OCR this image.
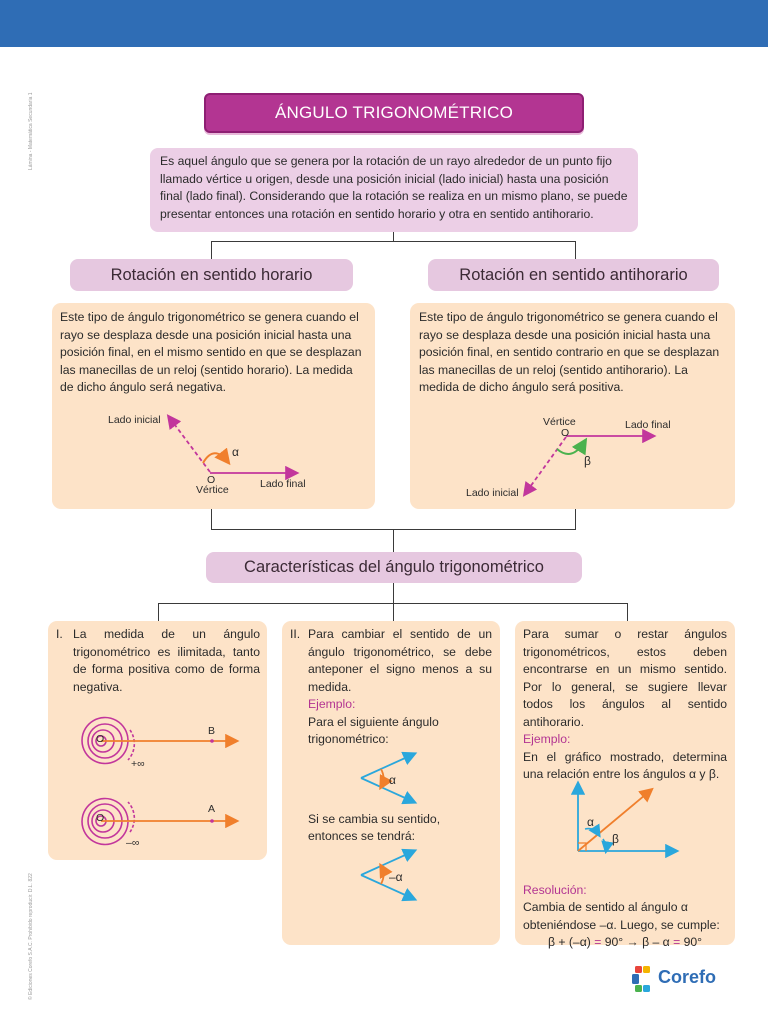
Lámina - Matemática Secundaria 1
© Ediciones Corefo S.A.C. Prohibido reproducir. D.L. 822
ÁNGULO TRIGONOMÉTRICO
Es aquel ángulo que se genera por la rotación de un rayo alrededor de un punto fijo llamado vértice u origen, desde una posición inicial (lado inicial) hasta una posición final (lado final). Considerando que la rotación se realiza en un mismo plano, se puede presentar entonces una rotación en sentido horario y otra en sentido antihorario.
Rotación en sentido horario	Rotación en sentido antihorario

Este tipo de ángulo trigonométrico se genera cuando el rayo se desplaza desde una posición inicial hasta una posición final, en el mismo sentido en que se desplazan las manecillas de un reloj (sentido horario). La medida de dicho ángulo será negativa.

Lado inicial
α
O
Vértice	Lado final

Este tipo de ángulo trigonométrico se genera cuando el rayo se desplaza desde una posición inicial hasta una posición final, en sentido contrario en que se desplazan las manecillas de un reloj (sentido antihorario). La medida de dicho ángulo será positiva.

Vértice
O
Lado final
β
Lado inicial
Características del ángulo trigonométrico
I. La medida de un ángulo trigonométrico es ilimitada, tanto de forma positiva como de forma negativa.

B
O
+∞
A
O
–∞
II. Para cambiar el sentido de un ángulo trigonométrico, se debe anteponer el signo menos a su medida.

Ejemplo:

Para el siguiente ángulo trigonométrico:

Si se cambia su sentido, entonces se tendrá:

α
–α

Para sumar o restar ángulos trigonométricos, estos deben encontrarse en un mismo sentido. Por lo general, se sugiere llevar todos los ángulos al sentido antihorario.

Ejemplo:

En el gráfico mostrado, determina una relación entre los ángulos α y β.

Resolución:

Cambia de sentido al ángulo α obteniéndose –α. Luego, se cumple:

β + (–α) = 90° → β – α = 90°

α
β
Corefo
